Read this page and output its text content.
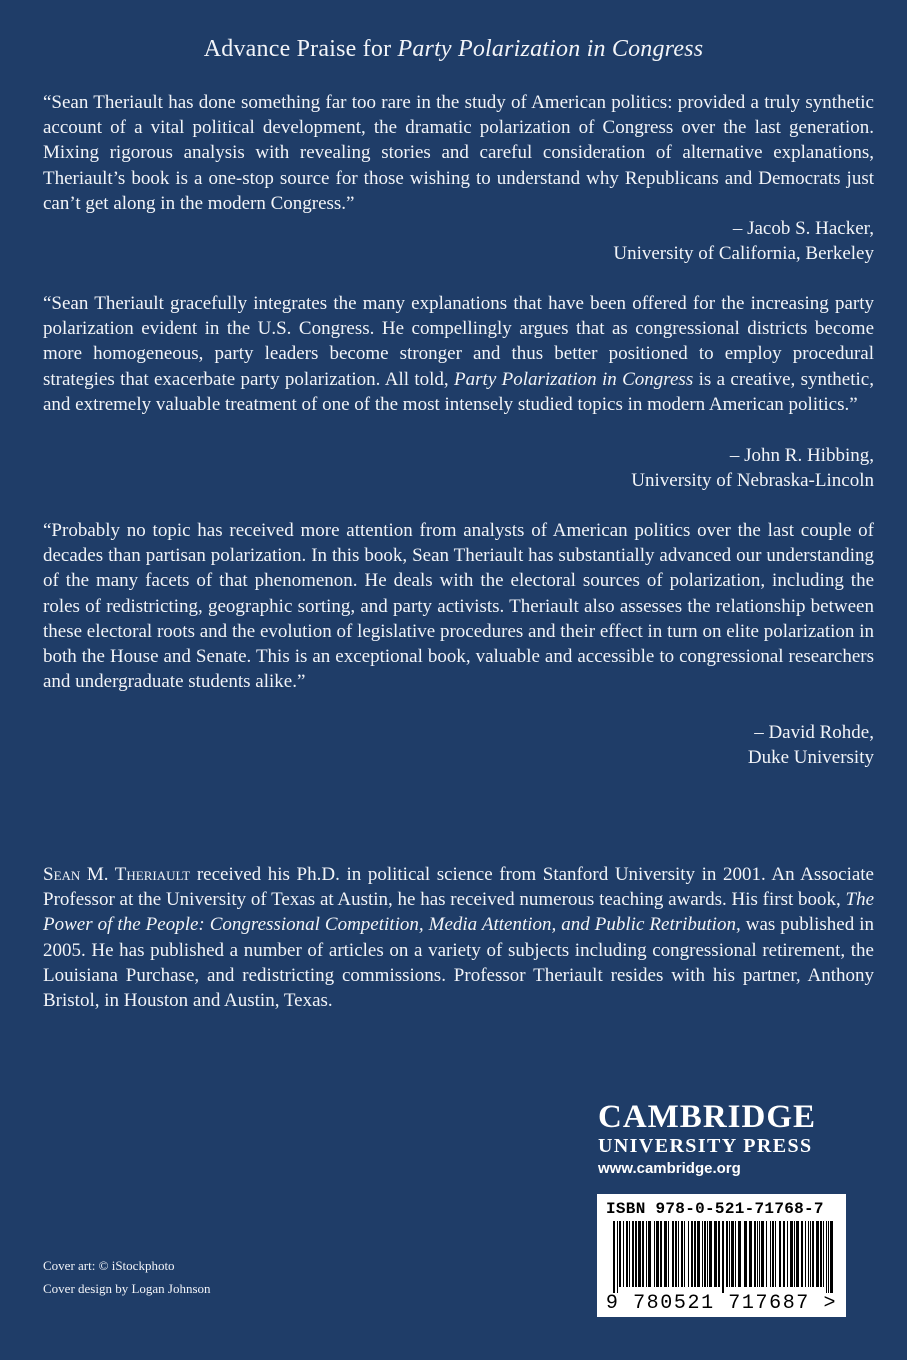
Advance Praise for Party Polarization in Congress
“Sean Theriault has done something far too rare in the study of American politics: provided a truly synthetic account of a vital political development, the dramatic polarization of Congress over the last generation. Mixing rigorous analysis with revealing stories and careful consideration of alternative explanations, Theriault’s book is a one-stop source for those wishing to understand why Republicans and Democrats just can’t get along in the modern Congress.”
– Jacob S. Hacker,
University of California, Berkeley
“Sean Theriault gracefully integrates the many explanations that have been offered for the increasing party polarization evident in the U.S. Congress. He compellingly argues that as congressional districts become more homogeneous, party leaders become stronger and thus better positioned to employ procedural strategies that exacerbate party polarization. All told, Party Polarization in Congress is a creative, synthetic, and extremely valuable treatment of one of the most intensely studied topics in modern American politics.”
– John R. Hibbing,
University of Nebraska-Lincoln
“Probably no topic has received more attention from analysts of American politics over the last couple of decades than partisan polarization. In this book, Sean Theriault has substantially advanced our understanding of the many facets of that phenomenon. He deals with the electoral sources of polarization, including the roles of redistricting, geographic sorting, and party activists. Theriault also assesses the relationship between these electoral roots and the evolution of legislative procedures and their effect in turn on elite polarization in both the House and Senate. This is an exceptional book, valuable and accessible to congressional researchers and undergraduate students alike.”
– David Rohde,
Duke University
Sean M. Theriault received his Ph.D. in political science from Stanford University in 2001. An Associate Professor at the University of Texas at Austin, he has received numerous teaching awards. His first book, The Power of the People: Congressional Competition, Media Attention, and Public Retribution, was published in 2005. He has published a number of articles on a variety of subjects including congressional retirement, the Louisiana Purchase, and redistricting commissions. Professor Theriault resides with his partner, Anthony Bristol, in Houston and Austin, Texas.
CAMBRIDGE
UNIVERSITY PRESS
www.cambridge.org
ISBN 978-0-521-71768-7
9 780521 717687 >
Cover art: © iStockphoto
Cover design by Logan Johnson
